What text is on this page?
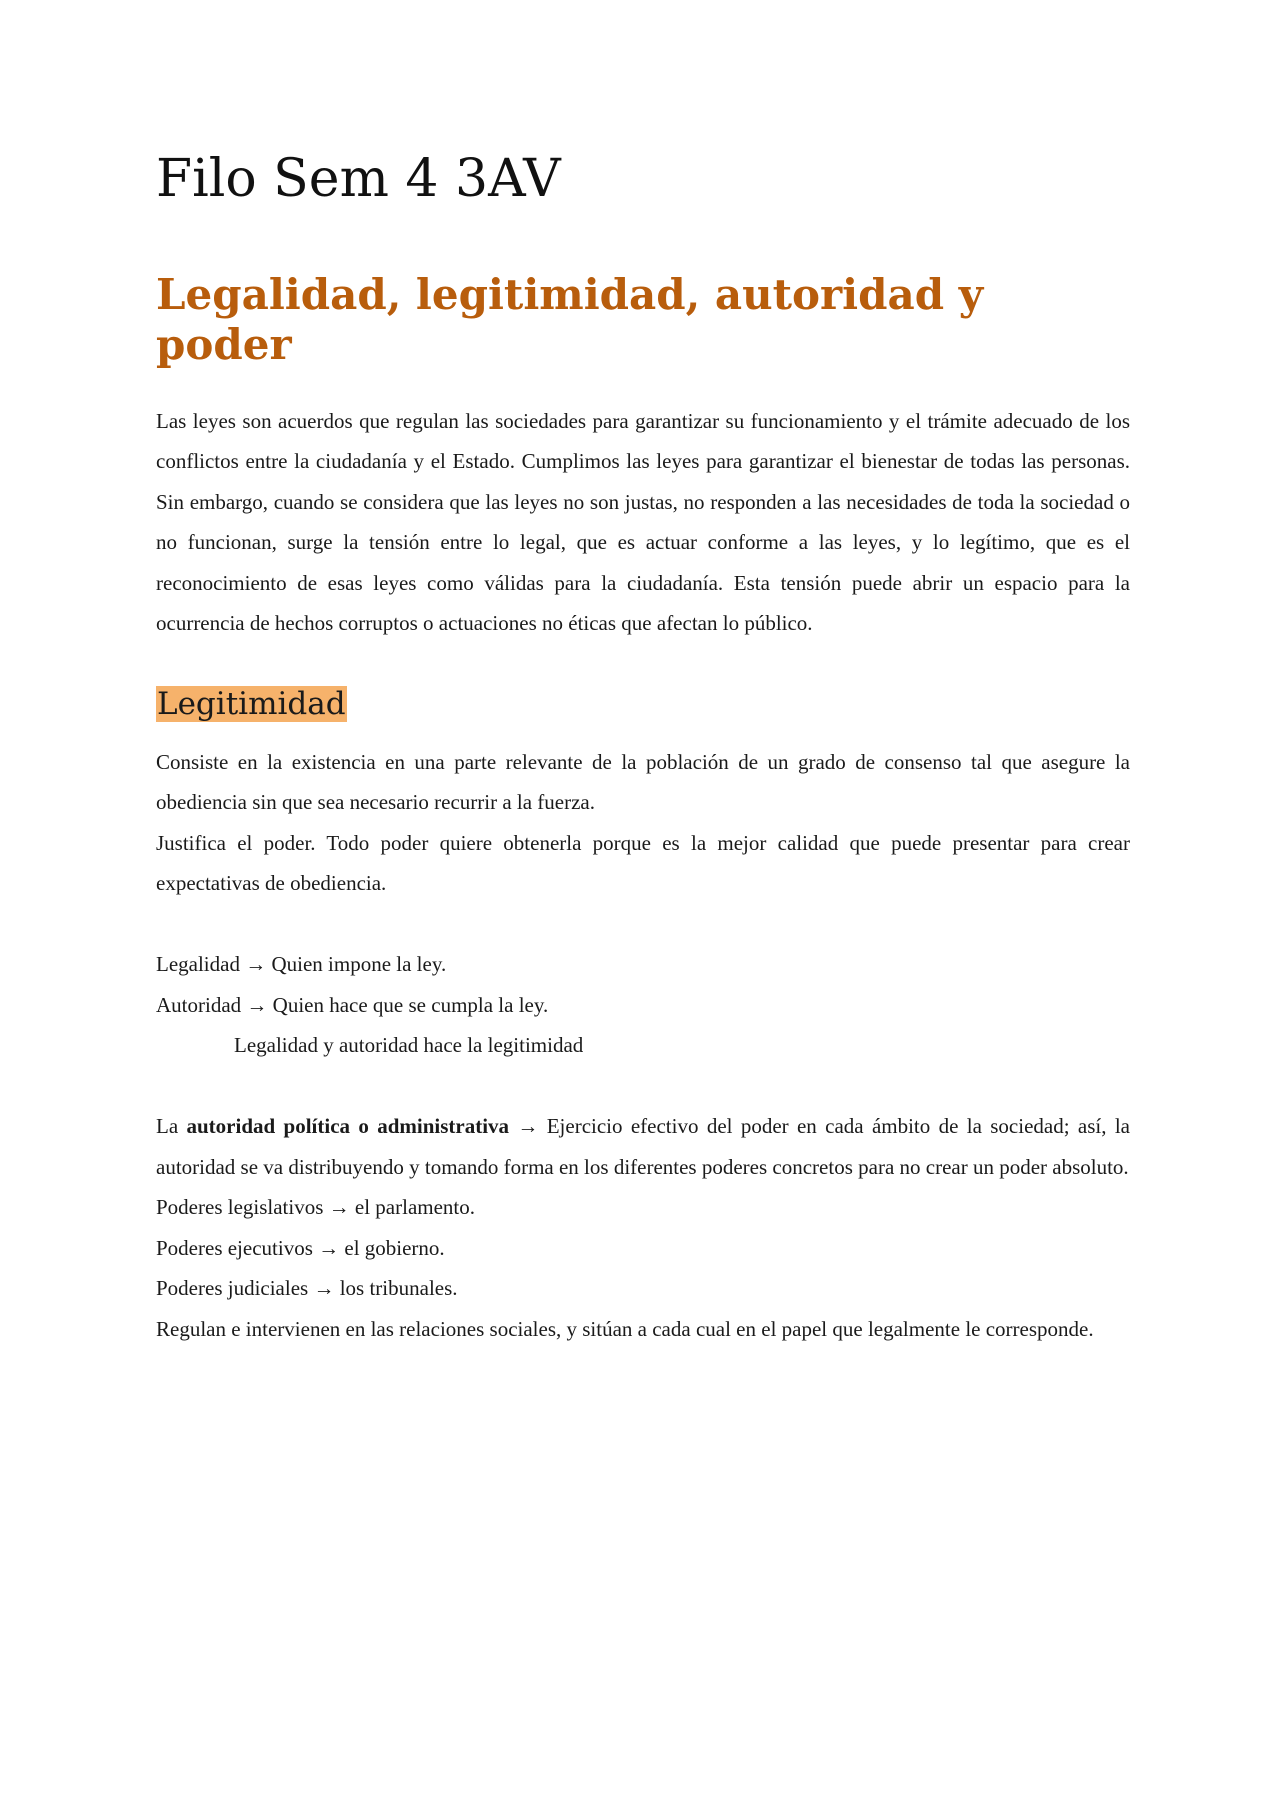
Filo Sem 4 3AV
Legalidad, legitimidad, autoridad y poder

Las leyes son acuerdos que regulan las sociedades para garantizar su funcionamiento y el trámite adecuado de los conflictos entre la ciudadanía y el Estado. Cumplimos las leyes para garantizar el bienestar de todas las personas. Sin embargo, cuando se considera que las leyes no son justas, no responden a las necesidades de toda la sociedad o no funcionan, surge la tensión entre lo legal, que es actuar conforme a las leyes, y lo legítimo, que es el reconocimiento de esas leyes como válidas para la ciudadanía. Esta tensión puede abrir un espacio para la ocurrencia de hechos corruptos o actuaciones no éticas que afectan lo público.

Legitimidad

Consiste en la existencia en una parte relevante de la población de un grado de consenso tal que asegure la obediencia sin que sea necesario recurrir a la fuerza.

Justifica el poder. Todo poder quiere obtenerla porque es la mejor calidad que puede presentar para crear expectativas de obediencia.

Legalidad → Quien impone la ley.

Autoridad → Quien hace que se cumpla la ley.

Legalidad y autoridad hace la legitimidad

La autoridad política o administrativa → Ejercicio efectivo del poder en cada ámbito de la sociedad; así, la autoridad se va distribuyendo y tomando forma en los diferentes poderes concretos para no crear un poder absoluto.

Poderes legislativos → el parlamento.

Poderes ejecutivos → el gobierno.

Poderes judiciales → los tribunales.

Regulan e intervienen en las relaciones sociales, y sitúan a cada cual en el papel que legalmente le corresponde.
